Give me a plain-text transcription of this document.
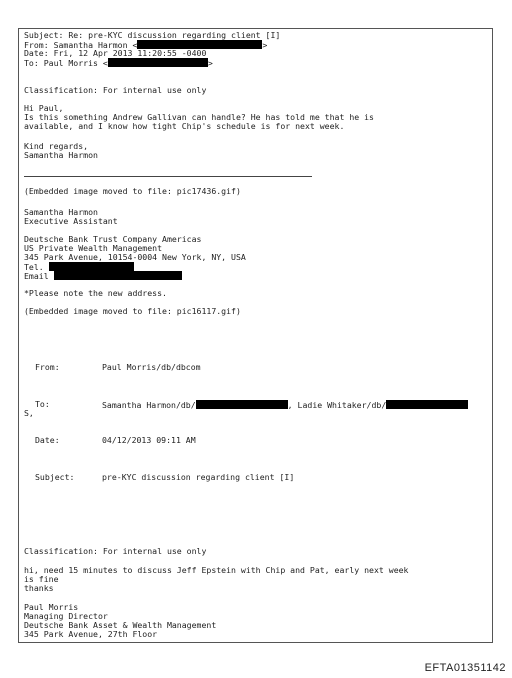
Subject: Re: pre-KYC discussion regarding client [I]
From: Samantha Harmon <	>
Date: Fri, 12 Apr 2013 11:20:55 -0400
To: Paul Morris <	>
Classification: For internal use only
Hi Paul,
Is this something Andrew Gallivan can handle? He has told me that he is
available, and I know how tight Chip's schedule is for next week.
Kind regards,
Samantha Harmon
(Embedded image moved to file: pic17436.gif)
Samantha Harmon
Executive Assistant
Deutsche Bank Trust Company Americas
US Private Wealth Management
345 Park Avenue, 10154-0004 New York, NY, USA
Tel.
Email
*Please note the new address.
(Embedded image moved to file: pic16117.gif)
From:	Paul Morris/db/dbcom
To:	Samantha Harmon/db/	, Ladie Whitaker/db/
S,
Date:	04/12/2013 09:11 AM
Subject:	pre-KYC discussion regarding client [I]
Classification: For internal use only
hi, need 15 minutes to discuss Jeff Epstein with Chip and Pat, early next week
is fine
thanks
Paul Morris
Managing Director
Deutsche Bank Asset & Wealth Management
345 Park Avenue, 27th Floor
EFTA01351142
